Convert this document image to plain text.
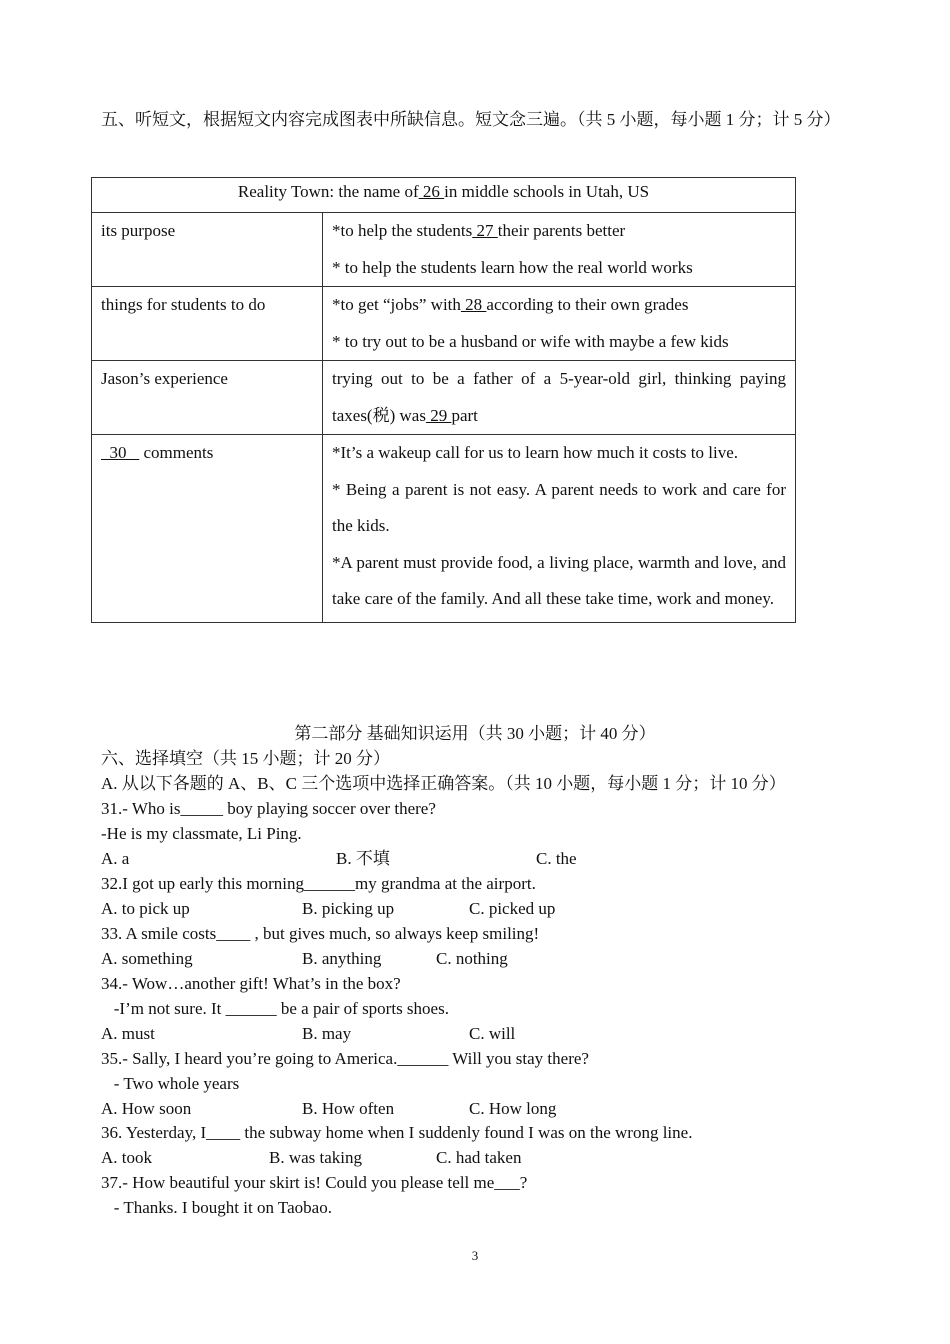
五、听短文，根据短文内容完成图表中所缺信息。短文念三遍。（共 5 小题，每小题 1 分；计 5 分）
Reality Town: the name of 26 in middle schools in Utah, US	
its purpose	*to help the students 27 their parents better
* to help the students learn how the real world works

things for students to do	*to get “jobs” with 28 according to their own grades
* to try out to be a husband or wife with maybe a few kids

Jason’s experience	trying out to be a father of a 5-year-old girl, thinking paying taxes(税) was 29 part

30    comments	*It’s a wakeup call for us to learn how much it costs to live.
* Being a parent is not easy. A parent needs to work and care for the kids.
*A parent must provide food, a living place, warmth and love, and take care of the family. And all these take time, work and money.
第二部分 基础知识运用（共 30 小题；计 40 分）
六、选择填空（共 15 小题；计 20 分）
A. 从以下各题的 A、B、C 三个选项中选择正确答案。（共 10 小题，每小题 1 分；计 10 分）
31.- Who is_____ boy playing soccer over there?
-He is my classmate, Li Ping.
A. a	B. 不填	C. the
32.I got up early this morning______my grandma at the airport.
A. to pick up	B. picking up	C. picked up
33. A smile costs____ , but gives much, so always keep smiling!
A. something	B. anything	C. nothing
34.- Wow…another gift! What’s in the box?
-I’m not sure. It ______ be a pair of sports shoes.
A. must	B. may	C. will
35.- Sally, I heard you’re going to America.______ Will you stay there?
- Two whole years
A. How soon	B. How often	C. How long
36. Yesterday, I____ the subway home when I suddenly found I was on the wrong line.
A. took	B. was taking	C. had taken
37.- How beautiful your skirt is! Could you please tell me___?
- Thanks. I bought it on Taobao.
3
